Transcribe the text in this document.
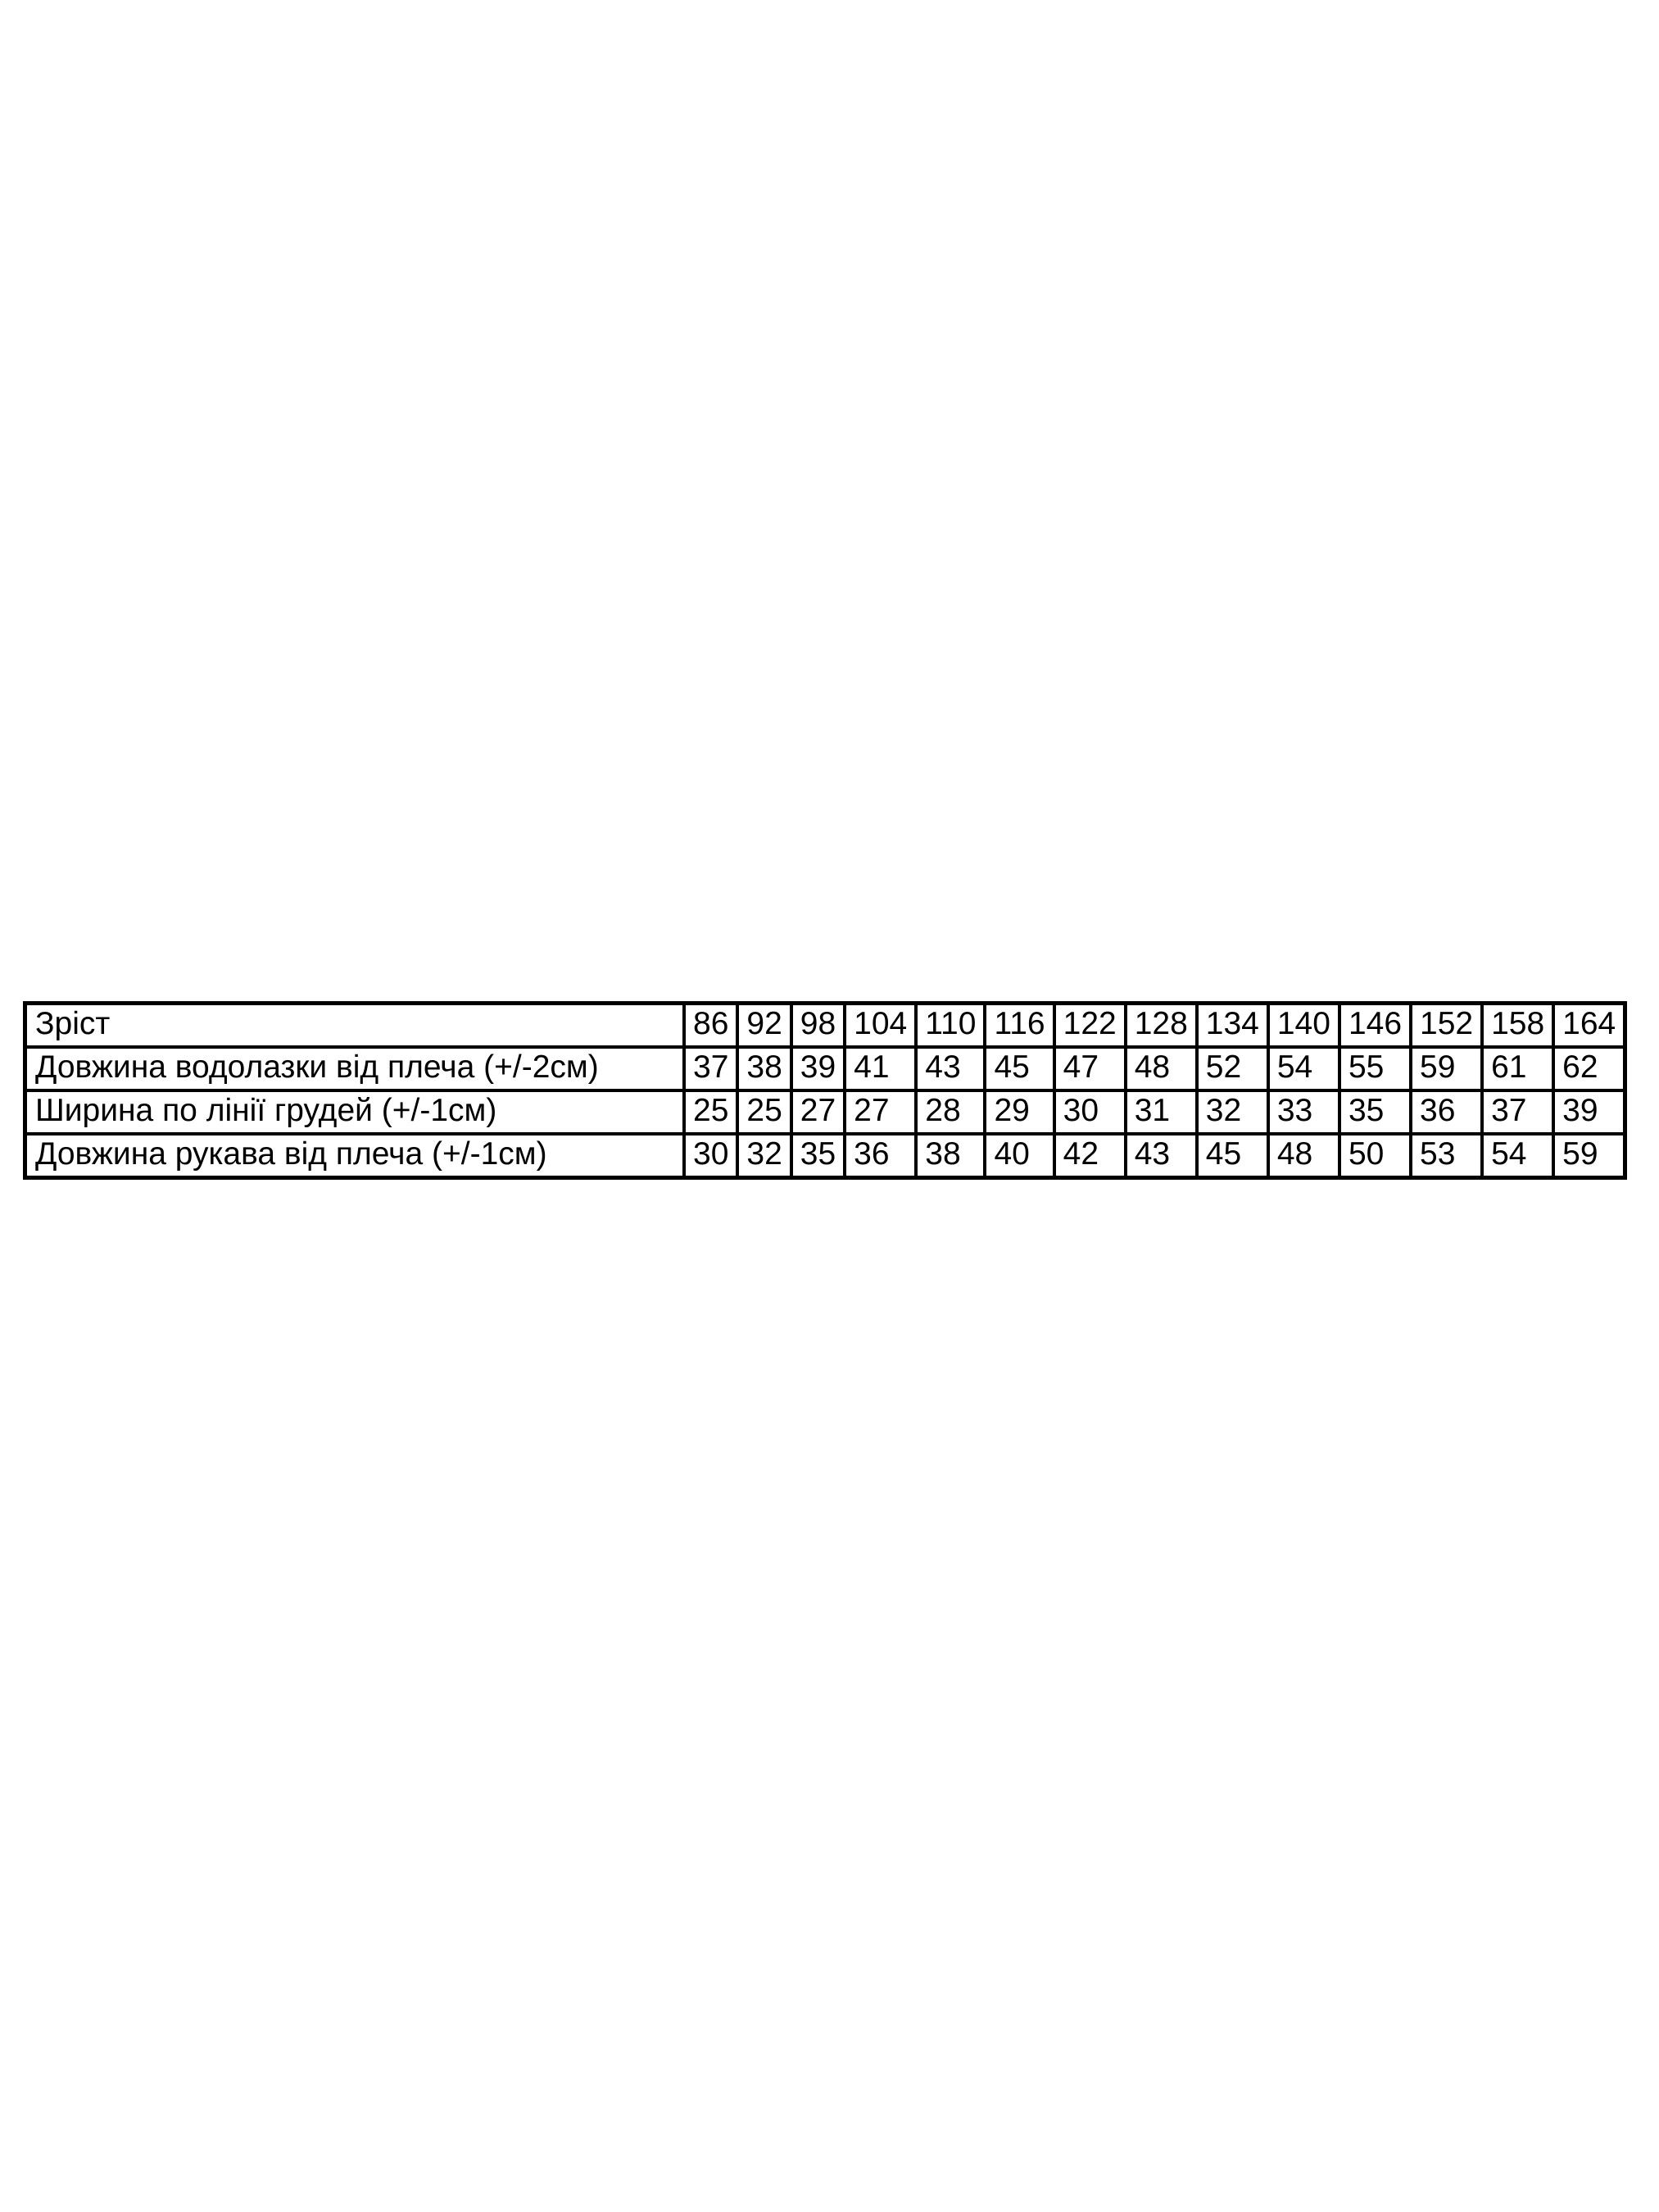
Зріст	86	92	98	104	110	116	122	128	134	140	146	152	158	164
Довжина водолазки від плеча (+/-2см)	37	38	39	41	43	45	47	48	52	54	55	59	61	62
Ширина по лінії грудей (+/-1см)	25	25	27	27	28	29	30	31	32	33	35	36	37	39
Довжина рукава від плеча (+/-1см)	30	32	35	36	38	40	42	43	45	48	50	53	54	59
